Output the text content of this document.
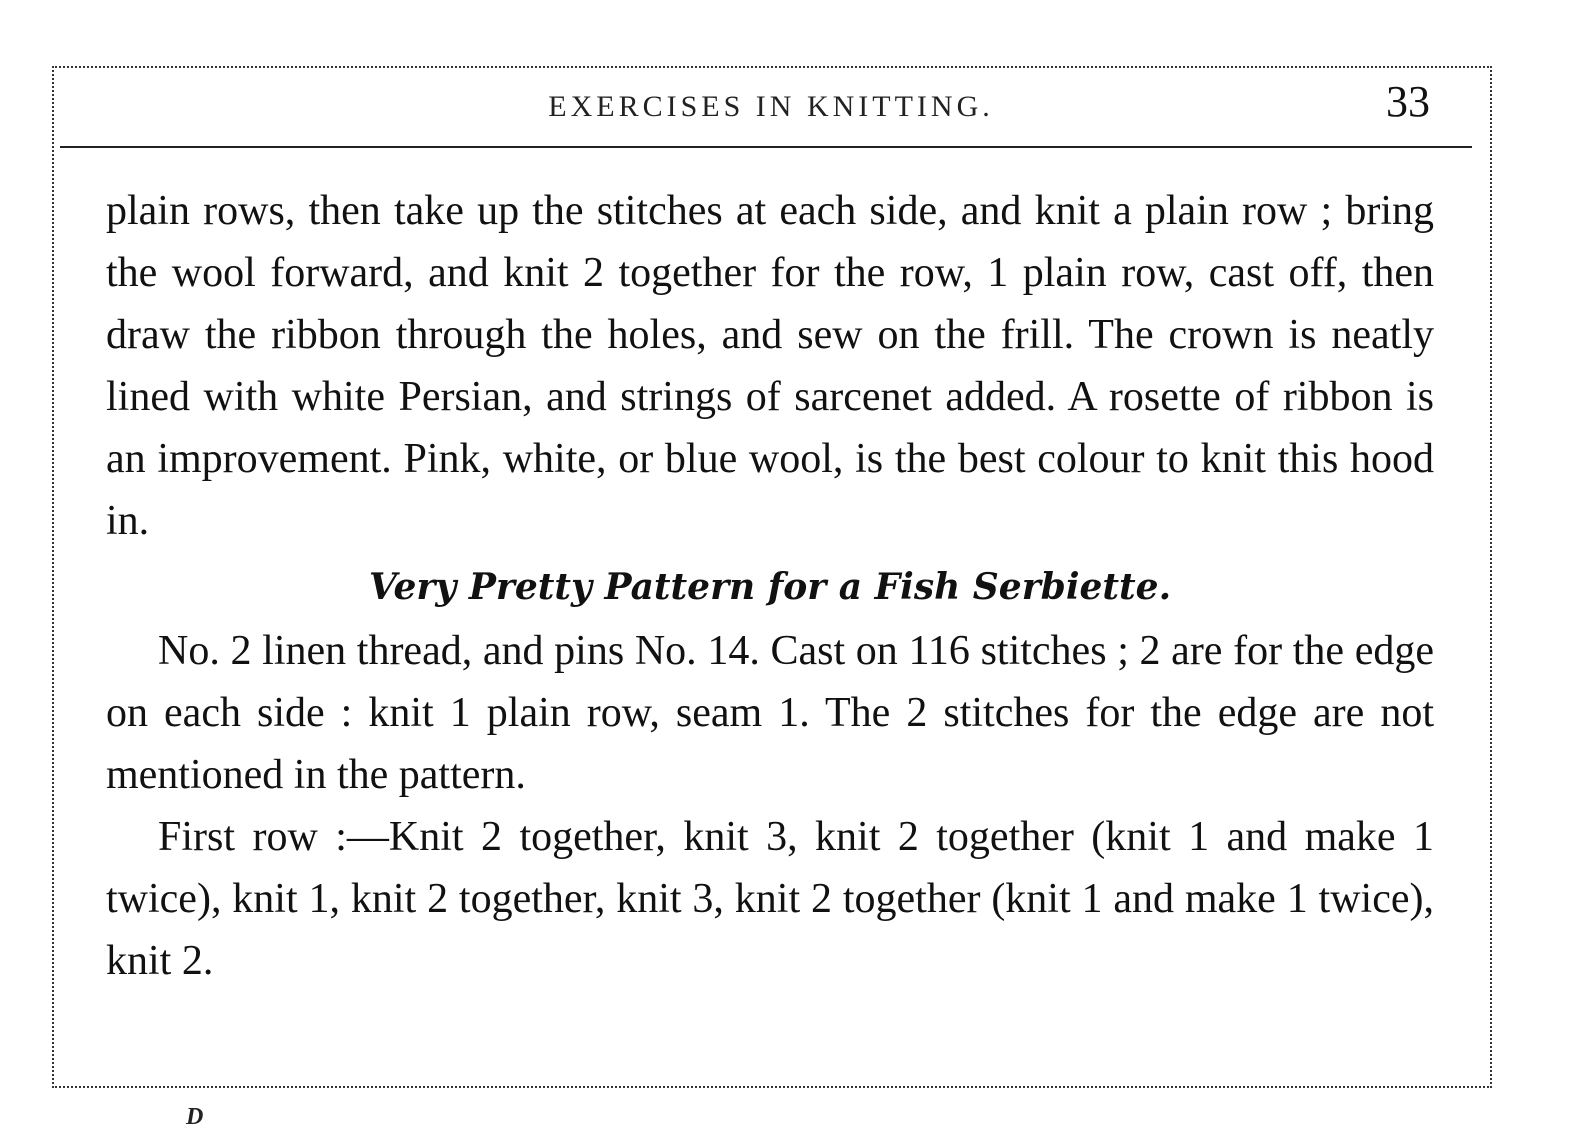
EXERCISES IN KNITTING.	33

plain rows, then take up the stitches at each side, and knit a plain row ; bring the wool forward, and knit 2 together for the row, 1 plain row, cast off, then draw the ribbon through the holes, and sew on the frill. The crown is neatly lined with white Persian, and strings of sarcenet added. A rosette of ribbon is an improvement. Pink, white, or blue wool, is the best colour to knit this hood in.

Very Pretty Pattern for a Fish Serbiette.

No. 2 linen thread, and pins No. 14. Cast on 116 stitches ; 2 are for the edge on each side : knit 1 plain row, seam 1. The 2 stitches for the edge are not mentioned in the pattern.

First row :—Knit 2 together, knit 3, knit 2 together (knit 1 and make 1 twice), knit 1, knit 2 together, knit 3, knit 2 together (knit 1 and make 1 twice), knit 2.

D
